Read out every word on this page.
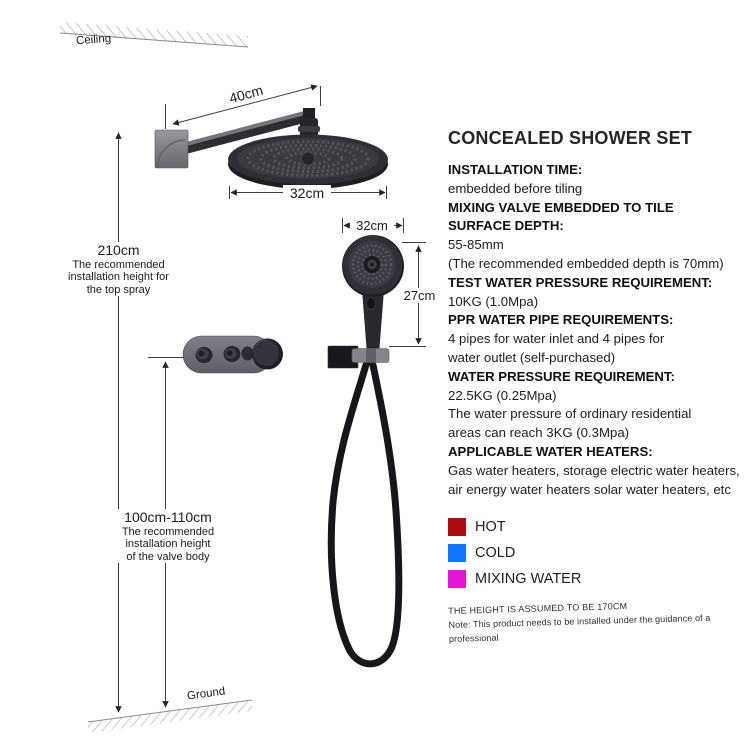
Ceiling
Ground
40cm
32cm
32cm
27cm
210cm
The recommended
installation height for
the top spray
100cm-110cm
The recommended
installation height
of the valve body
CONCEALED SHOWER SET

INSTALLATION TIME:

embedded before tiling

MIXING VALVE EMBEDDED TO TILE

SURFACE DEPTH:

55-85mm

(The recommended embedded depth is 70mm)

TEST WATER PRESSURE REQUIREMENT:

10KG (1.0Mpa)

PPR WATER PIPE REQUIREMENTS:

4 pipes for water inlet and 4 pipes for

water outlet (self-purchased)

WATER PRESSURE REQUIREMENT:

22.5KG (0.25Mpa)

The water pressure of ordinary residential

areas can reach 3KG (0.3Mpa)

APPLICABLE WATER HEATERS:

Gas water heaters, storage electric water heaters,

air energy water heaters solar water heaters, etc

HOT
COLD
MIXING WATER
THE HEIGHT IS ASSUMED TO BE 170CM
Note: This product needs to be installed under the guidance of a professional
